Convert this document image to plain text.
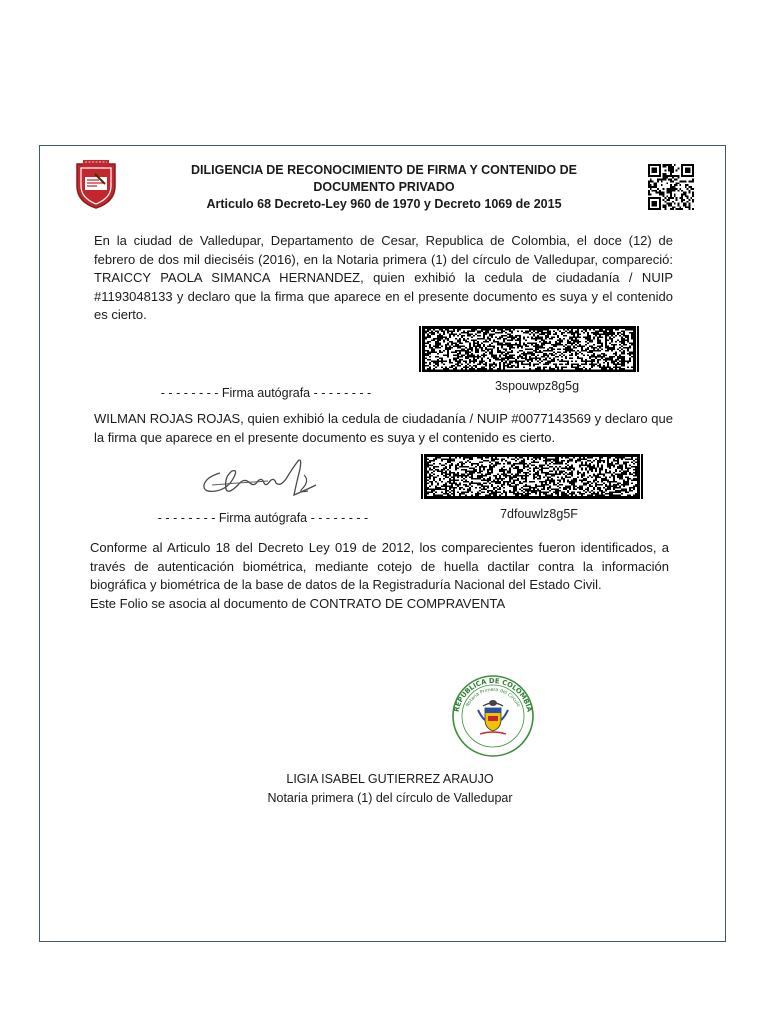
DILIGENCIA DE RECONOCIMIENTO DE FIRMA Y CONTENIDO DE
DOCUMENTO PRIVADO
Articulo 68 Decreto-Ley 960 de 1970 y Decreto 1069 de 2015
En la ciudad de Valledupar, Departamento de Cesar, Republica de Colombia, el doce (12) de febrero de dos mil dieciséis (2016), en la Notaria primera (1) del círculo de Valledupar, compareció: TRAICCY PAOLA SIMANCA HERNANDEZ, quien exhibió la cedula de ciudadanía / NUIP #1193048133 y declaro que la firma que aparece en el presente documento es suya y el contenido es cierto.
3spouwpz8g5g
- - - - - - - - Firma autógrafa - - - - - - - -
WILMAN ROJAS ROJAS, quien exhibió la cedula de ciudadanía / NUIP #0077143569 y declaro que la firma que aparece en el presente documento es suya y el contenido es cierto.
7dfouwlz8g5F
- - - - - - - - Firma autógrafa - - - - - - - -
Conforme al Articulo 18 del Decreto Ley 019 de 2012, los comparecientes fueron identificados, a través de autenticación biométrica, mediante cotejo de huella dactilar contra la información biográfica y biométrica de la base de datos de la Registraduría Nacional del Estado Civil.
Este Folio se asocia al documento de CONTRATO DE COMPRAVENTA
REPUBLICA DE COLOMBIA
Notaria Primera del Circulo
LIGIA ISABEL GUTIERREZ ARAUJO
Notaria primera (1) del círculo de Valledupar
